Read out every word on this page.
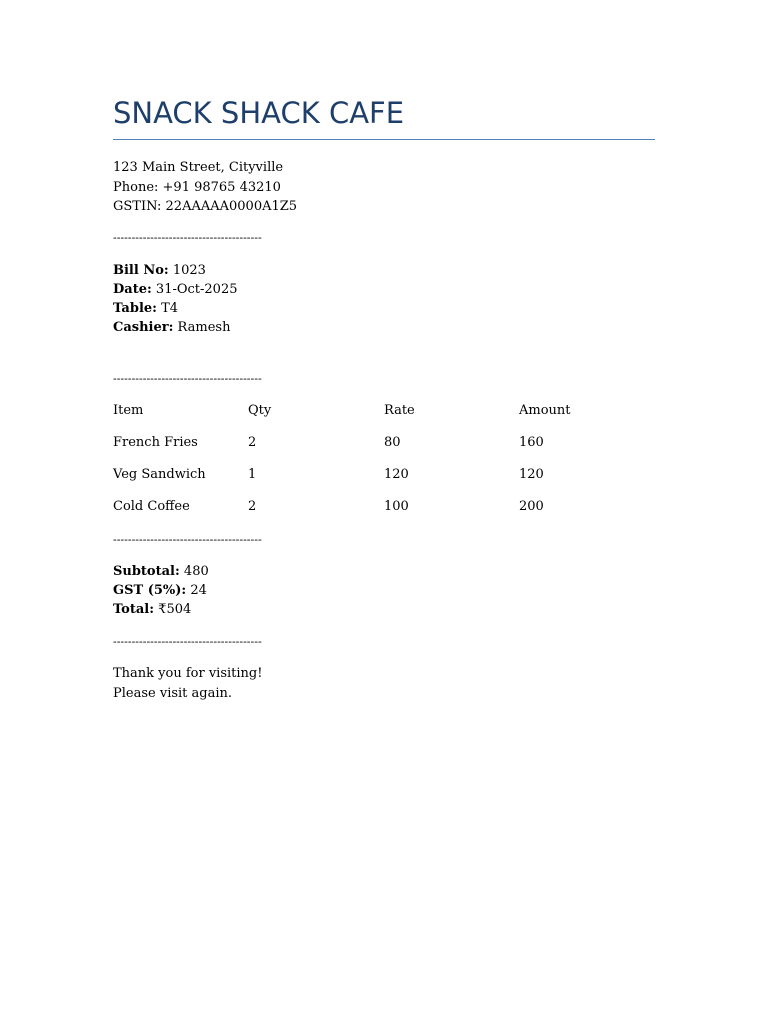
SNACK SHACK CAFE
123 Main Street, Cityville
Phone: +91 98765 43210
GSTIN: 22AAAAA0000A1Z5
----------------------------------------
Bill No: 1023
Date: 31-Oct-2025
Table: T4
Cashier: Ramesh
----------------------------------------
Item	Qty	Rate	Amount
French Fries	2	80	160
Veg Sandwich	1	120	120
Cold Coffee	2	100	200
----------------------------------------
Subtotal: 480
GST (5%): 24
Total: ₹504
----------------------------------------
Thank you for visiting!
Please visit again.
